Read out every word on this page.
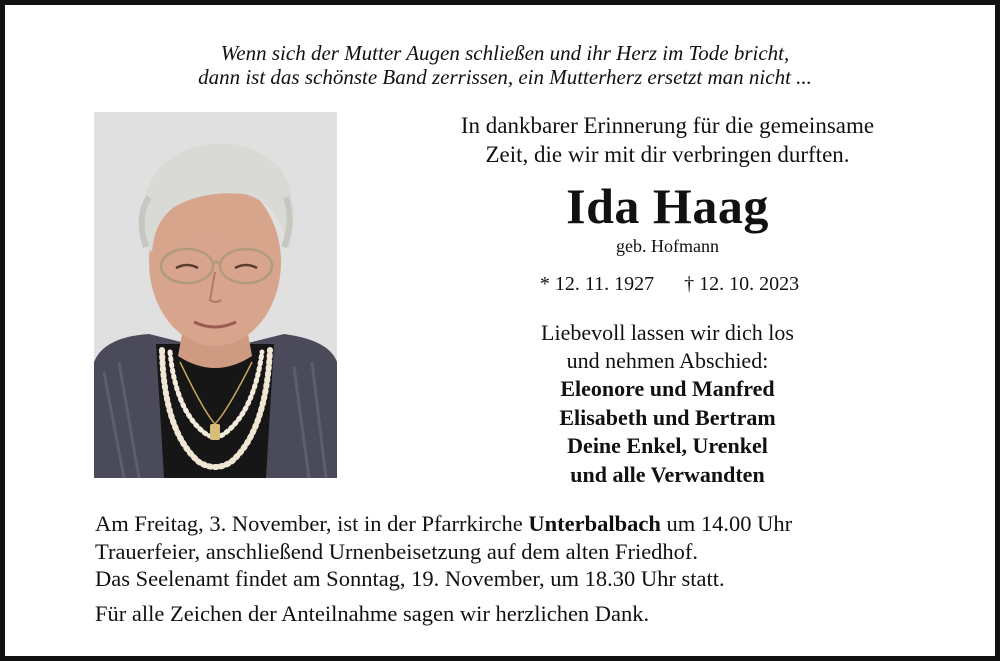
Wenn sich der Mutter Augen schließen und ihr Herz im Tode bricht,
dann ist das schönste Band zerrissen, ein Mutterherz ersetzt man nicht ...
In dankbarer Erinnerung für die gemeinsame
Zeit, die wir mit dir verbringen durften.
Ida Haag
geb. Hofmann
* 12. 11. 1927 † 12. 10. 2023
Liebevoll lassen wir dich los
und nehmen Abschied:
Eleonore und Manfred
Elisabeth und Bertram
Deine Enkel, Urenkel
und alle Verwandten
Am Freitag, 3. November, ist in der Pfarrkirche Unterbalbach um 14.00 Uhr
Trauerfeier, anschließend Urnenbeisetzung auf dem alten Friedhof.
Das Seelenamt findet am Sonntag, 19. November, um 18.30 Uhr statt.
Für alle Zeichen der Anteilnahme sagen wir herzlichen Dank.
